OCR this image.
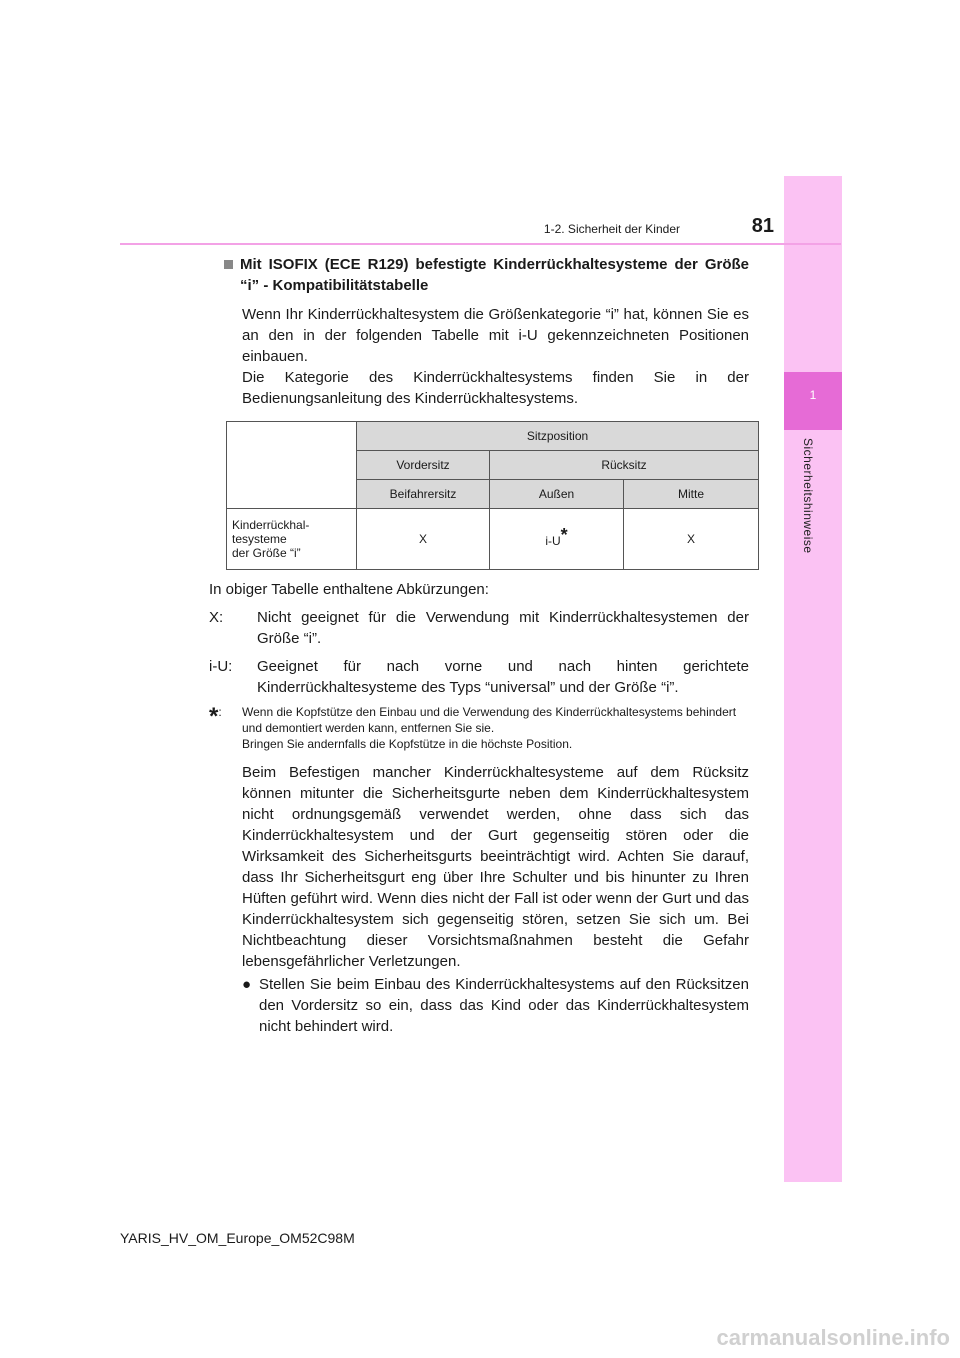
1
Sicherheitshinweise
81
1-2. Sicherheit der Kinder
Mit ISOFIX (ECE R129) befestigte Kinderrückhaltesysteme der Größe “i” - Kompatibilitätstabelle
Wenn Ihr Kinderrückhaltesystem die Größenkategorie “i” hat, können Sie es an den in der folgenden Tabelle mit i-U gekennzeichneten Positionen einbauen.
Die Kategorie des Kinderrückhaltesystems finden Sie in der Bedienungsanleitung des Kinderrückhaltesystems.
	Sitzposition		
	Vordersitz	Rücksitz	
	Beifahrersitz	Außen	Mitte

Kinderrückhal-
tesysteme
der Größe “i”	X	i-U*	X
In obiger Tabelle enthaltene Abkürzungen:
X:	Nicht geeignet für die Verwendung mit Kinderrückhaltesystemen der Größe “i”.
i-U:	Geeignet für nach vorne und nach hinten gerichtete Kinderrückhaltesysteme des Typs “universal” und der Größe “i”.
*:	Wenn die Kopfstütze den Einbau und die Verwendung des Kinderrückhaltesystems behindert und demontiert werden kann, entfernen Sie sie.
Bringen Sie andernfalls die Kopfstütze in die höchste Position.
Beim Befestigen mancher Kinderrückhaltesysteme auf dem Rücksitz können mitunter die Sicherheitsgurte neben dem Kinderrückhaltesystem nicht ordnungsgemäß verwendet werden, ohne dass sich das Kinderrückhaltesystem und der Gurt gegenseitig stören oder die Wirksamkeit des Sicherheitsgurts beeinträchtigt wird. Achten Sie darauf, dass Ihr Sicherheitsgurt eng über Ihre Schulter und bis hinunter zu Ihren Hüften geführt wird. Wenn dies nicht der Fall ist oder wenn der Gurt und das Kinderrückhaltesystem sich gegenseitig stören, setzen Sie sich um. Bei Nichtbeachtung dieser Vorsichtsmaßnahmen besteht die Gefahr lebensgefährlicher Verletzungen.
●
Stellen Sie beim Einbau des Kinderrückhaltesystems auf den Rücksitzen den Vordersitz so ein, dass das Kind oder das Kinderrückhaltesystem nicht behindert wird.
YARIS_HV_OM_Europe_OM52C98M
carmanualsonline.info
